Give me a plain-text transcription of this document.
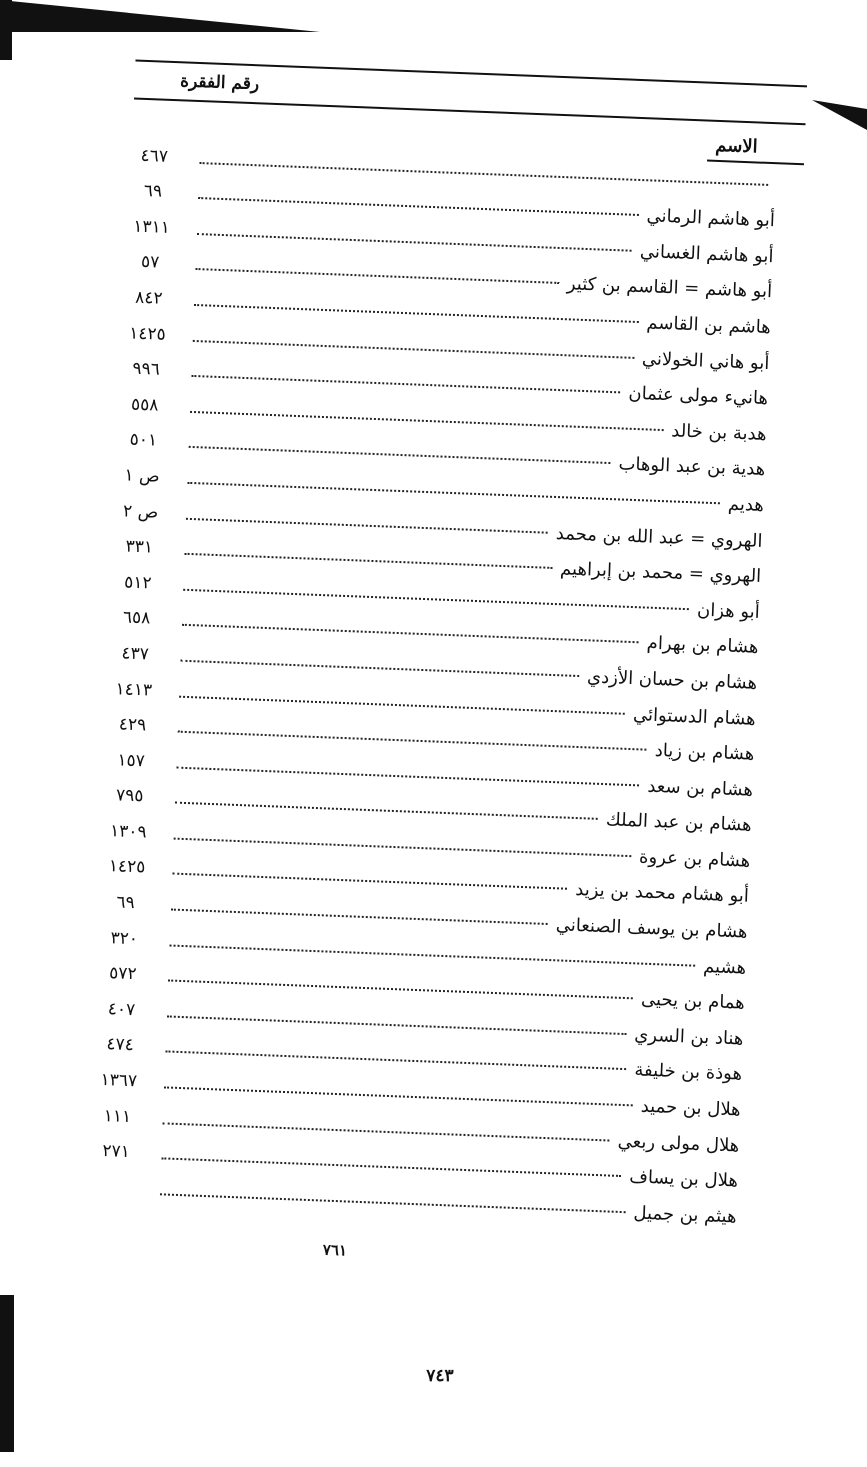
رقم الفقرة
الاسم
٤٦٧
٦٩
أبو هاشم الرماني
١٣١١
أبو هاشم الغساني
٥٧
أبو هاشم = القاسم بن كثير
٨٤٢
هاشم بن القاسم
١٤٢٥
أبو هاني الخولاني
٩٩٦
هانيء مولى عثمان
٥٥٨
هدبة بن خالد
٥٠١
هدية بن عبد الوهاب
ص ١
هديم
ص ٢
الهروي = عبد الله بن محمد
٣٣١
الهروي = محمد بن إبراهيم
٥١٢
أبو هزان
٦٥٨
هشام بن بهرام
٤٣٧
هشام بن حسان الأزدي
١٤١٣
هشام الدستوائي
٤٢٩
هشام بن زياد
١٥٧
هشام بن سعد
٧٩٥
هشام بن عبد الملك
١٣٠٩
هشام بن عروة
١٤٢٥
أبو هشام محمد بن يزيد
٦٩
هشام بن يوسف الصنعاني
٣٢٠
هشيم
٥٧٢
همام بن يحيى
٤٠٧
هناد بن السري
٤٧٤
هوذة بن خليفة
١٣٦٧
هلال بن حميد
١١١
هلال مولى ربعي
٢٧١
هلال بن يساف
هيثم بن جميل
٧٦١
٧٤٣
